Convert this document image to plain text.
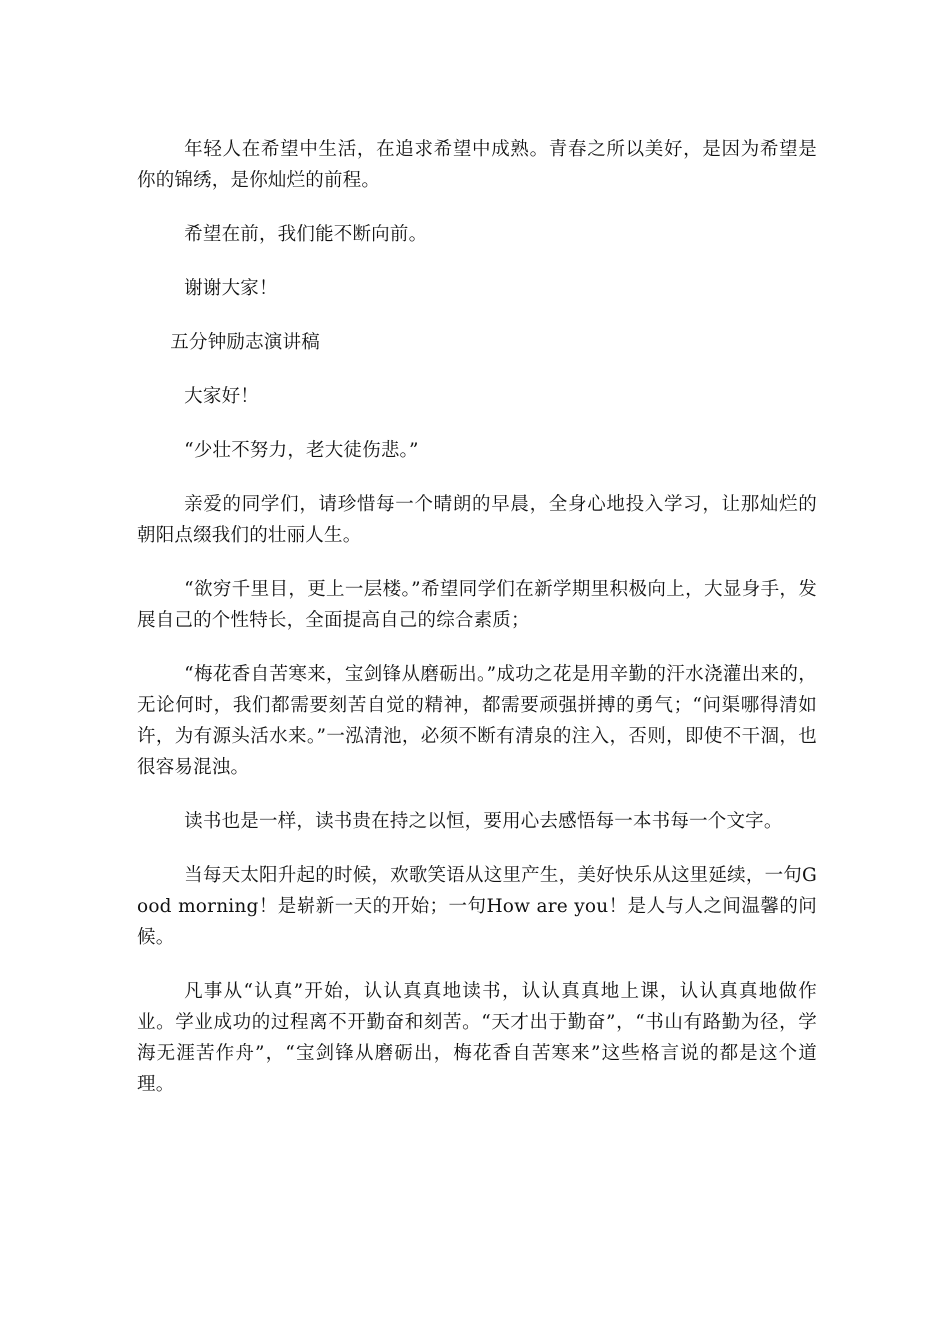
年轻人在希望中生活，在追求希望中成熟。青春之所以美好，是因为希望是你的锦绣，是你灿烂的前程。

希望在前，我们能不断向前。

谢谢大家！

五分钟励志演讲稿

大家好！

“少壮不努力，老大徒伤悲。”

亲爱的同学们，请珍惜每一个晴朗的早晨，全身心地投入学习，让那灿烂的朝阳点缀我们的壮丽人生。

“欲穷千里目，更上一层楼。”希望同学们在新学期里积极向上，大显身手，发展自己的个性特长，全面提高自己的综合素质；

“梅花香自苦寒来，宝剑锋从磨砺出。”成功之花是用辛勤的汗水浇灌出来的，无论何时，我们都需要刻苦自觉的精神，都需要顽强拼搏的勇气；“问渠哪得清如许，为有源头活水来。”一泓清池，必须不断有清泉的注入，否则，即使不干涸，也很容易混浊。

读书也是一样，读书贵在持之以恒，要用心去感悟每一本书每一个文字。

当每天太阳升起的时候，欢歌笑语从这里产生，美好快乐从这里延续，一句Good morning！是崭新一天的开始；一句How are you！是人与人之间温馨的问候。

凡事从“认真”开始，认认真真地读书，认认真真地上课，认认真真地做作业。学业成功的过程离不开勤奋和刻苦。“天才出于勤奋”，“书山有路勤为径，学海无涯苦作舟”，“宝剑锋从磨砺出，梅花香自苦寒来”这些格言说的都是这个道理。
